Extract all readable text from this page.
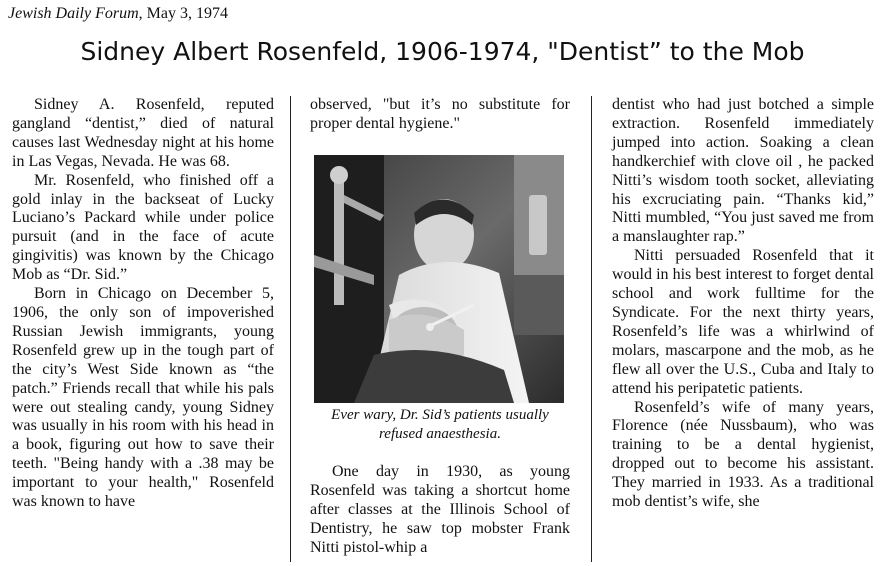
Jewish Daily Forum, May 3, 1974
Sidney Albert Rosenfeld, 1906-1974, "Dentist” to the Mob

Sidney A. Rosenfeld, reputed gangland “dentist,” died of natural causes last Wednesday night at his home in Las Vegas, Nevada. He was 68.

Mr. Rosenfeld, who finished off a gold inlay in the backseat of Lucky Luciano’s Packard while under police pursuit (and in the face of acute gingivitis) was known by the Chicago Mob as “Dr. Sid.”

Born in Chicago on December 5, 1906, the only son of impoverished Russian Jewish immigrants, young Rosenfeld grew up in the tough part of the city’s West Side known as “the patch.” Friends recall that while his pals were out stealing candy, young Sidney was usually in his room with his head in a book, figuring out how to save their teeth. "Being handy with a .38 may be important to your health," Rosenfeld was known to have

observed, "but it’s no substitute for proper dental hygiene."

Ever wary, Dr. Sid’s patients usually refused anaesthesia.

One day in 1930, as young Rosenfeld was taking a shortcut home after classes at the Illinois School of Dentistry, he saw top mobster Frank Nitti pistol-whip a

dentist who had just botched a simple extraction. Rosenfeld immediately jumped into action. Soaking a clean handkerchief with clove oil , he packed Nitti’s wisdom tooth socket, alleviating his excruciating pain. “Thanks kid,” Nitti mumbled, “You just saved me from a manslaughter rap.”

Nitti persuaded Rosenfeld that it would in his best interest to forget dental school and work fulltime for the Syndicate. For the next thirty years, Rosenfeld’s life was a whirlwind of molars, mascarpone and the mob, as he flew all over the U.S., Cuba and Italy to attend his peripatetic patients.

Rosenfeld’s wife of many years, Florence (née Nussbaum), who was training to be a dental hygienist, dropped out to become his assistant. They married in 1933. As a traditional mob dentist’s wife, she
